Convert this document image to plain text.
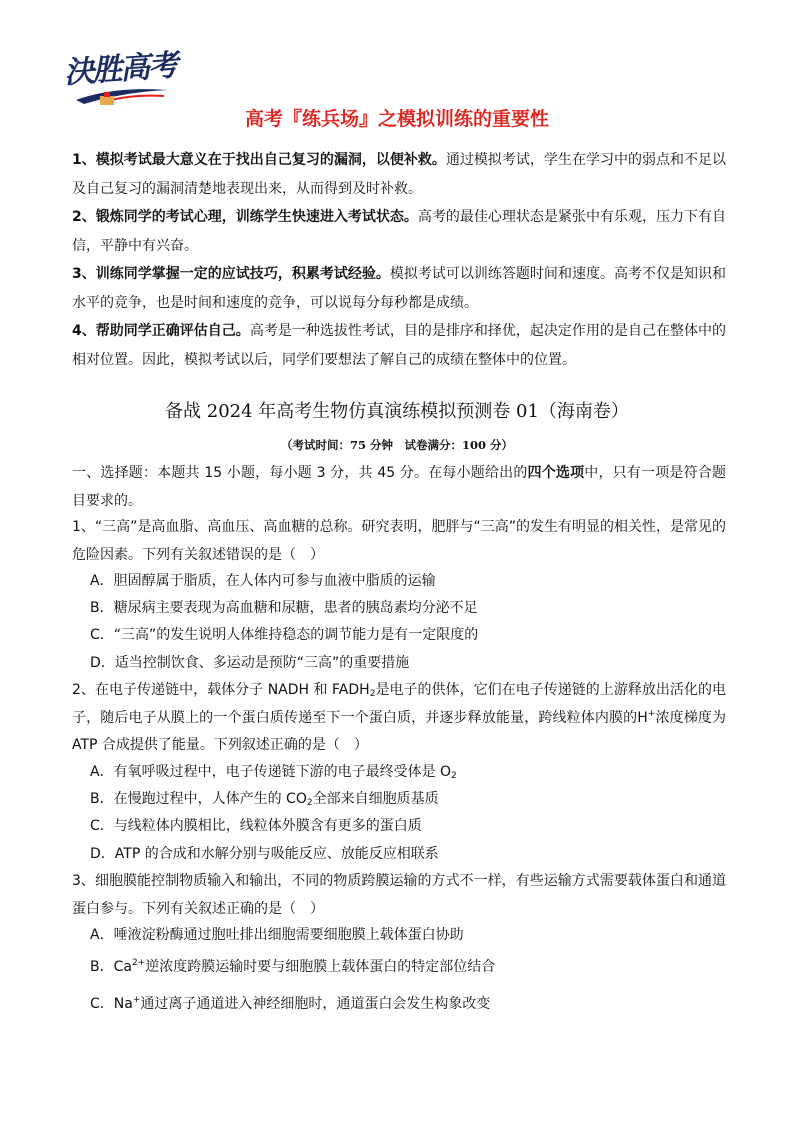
決胜高考
高考『练兵场』之模拟训练的重要性
1、模拟考试最大意义在于找出自己复习的漏洞，以便补救。通过模拟考试，学生在学习中的弱点和不足以及自己复习的漏洞清楚地表现出来，从而得到及时补救。
2、锻炼同学的考试心理，训练学生快速进入考试状态。高考的最佳心理状态是紧张中有乐观，压力下有自信，平静中有兴奋。
3、训练同学掌握一定的应试技巧，积累考试经验。模拟考试可以训练答题时间和速度。高考不仅是知识和水平的竞争，也是时间和速度的竞争，可以说每分每秒都是成绩。
4、帮助同学正确评估自己。高考是一种选拔性考试，目的是排序和择优，起决定作用的是自己在整体中的相对位置。因此，模拟考试以后，同学们要想法了解自己的成绩在整体中的位置。
备战 2024 年高考生物仿真演练模拟预测卷 01（海南卷）
（考试时间：75 分钟　试卷满分：100 分）
一、选择题：本题共 15 小题，每小题 3 分，共 45 分。在每小题给出的四个选项中，只有一项是符合题目要求的。
1、“三高”是高血脂、高血压、高血糖的总称。研究表明，肥胖与“三高”的发生有明显的相关性，是常见的危险因素。下列有关叙述错误的是（　）
A．胆固醇属于脂质，在人体内可参与血液中脂质的运输
B．糖尿病主要表现为高血糖和尿糖，患者的胰岛素均分泌不足
C．“三高”的发生说明人体维持稳态的调节能力是有一定限度的
D．适当控制饮食、多运动是预防“三高”的重要措施
2、在电子传递链中，载体分子 NADH 和 $FADH_2$是电子的供体，它们在电子传递链的上游释放出活化的电子，随后电子从膜上的一个蛋白质传递至下一个蛋白质，并逐步释放能量，跨线粒体内膜的H+浓度梯度为ATP 合成提供了能量。下列叙述正确的是（　）
A．有氧呼吸过程中，电子传递链下游的电子最终受体是 $O_2$
B．在慢跑过程中，人体产生的 $CO_2$全部来自细胞质基质
C．与线粒体内膜相比，线粒体外膜含有更多的蛋白质
D．ATP 的合成和水解分别与吸能反应、放能反应相联系
3、细胞膜能控制物质输入和输出，不同的物质跨膜运输的方式不一样，有些运输方式需要载体蛋白和通道蛋白参与。下列有关叙述正确的是（　）
A．唾液淀粉酶通过胞吐排出细胞需要细胞膜上载体蛋白协助
B．$Ca^{2+}$逆浓度跨膜运输时要与细胞膜上载体蛋白的特定部位结合
C．Na+通过离子通道进入神经细胞时，通道蛋白会发生构象改变
